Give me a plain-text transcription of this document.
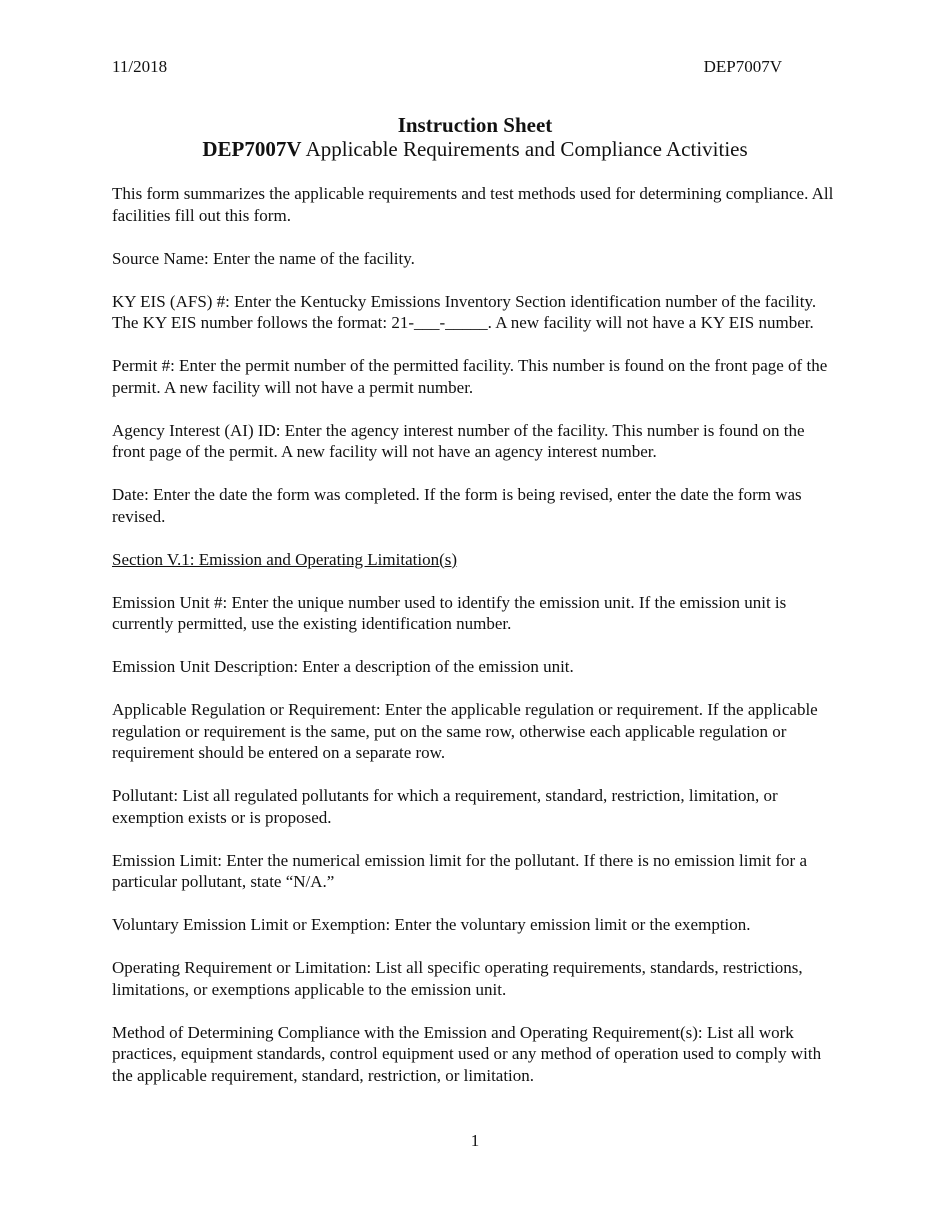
11/2018	DEP7007V
Instruction Sheet
DEP7007V Applicable Requirements and Compliance Activities

This form summarizes the applicable requirements and test methods used for determining compliance. All facilities fill out this form.

Source Name: Enter the name of the facility.

KY EIS (AFS) #: Enter the Kentucky Emissions Inventory Section identification number of the facility. The KY EIS number follows the format: 21-___-_____. A new facility will not have a KY EIS number.

Permit #: Enter the permit number of the permitted facility. This number is found on the front page of the permit. A new facility will not have a permit number.

Agency Interest (AI) ID: Enter the agency interest number of the facility. This number is found on the front page of the permit. A new facility will not have an agency interest number.

Date: Enter the date the form was completed. If the form is being revised, enter the date the form was revised.

Section V.1: Emission and Operating Limitation(s)

Emission Unit #: Enter the unique number used to identify the emission unit. If the emission unit is currently permitted, use the existing identification number.

Emission Unit Description: Enter a description of the emission unit.

Applicable Regulation or Requirement: Enter the applicable regulation or requirement. If the applicable regulation or requirement is the same, put on the same row, otherwise each applicable regulation or requirement should be entered on a separate row.

Pollutant: List all regulated pollutants for which a requirement, standard, restriction, limitation, or exemption exists or is proposed.

Emission Limit: Enter the numerical emission limit for the pollutant. If there is no emission limit for a particular pollutant, state “N/A.”

Voluntary Emission Limit or Exemption: Enter the voluntary emission limit or the exemption.

Operating Requirement or Limitation: List all specific operating requirements, standards, restrictions, limitations, or exemptions applicable to the emission unit.

Method of Determining Compliance with the Emission and Operating Requirement(s): List all work practices, equipment standards, control equipment used or any method of operation used to comply with the applicable requirement, standard, restriction, or limitation.

1
